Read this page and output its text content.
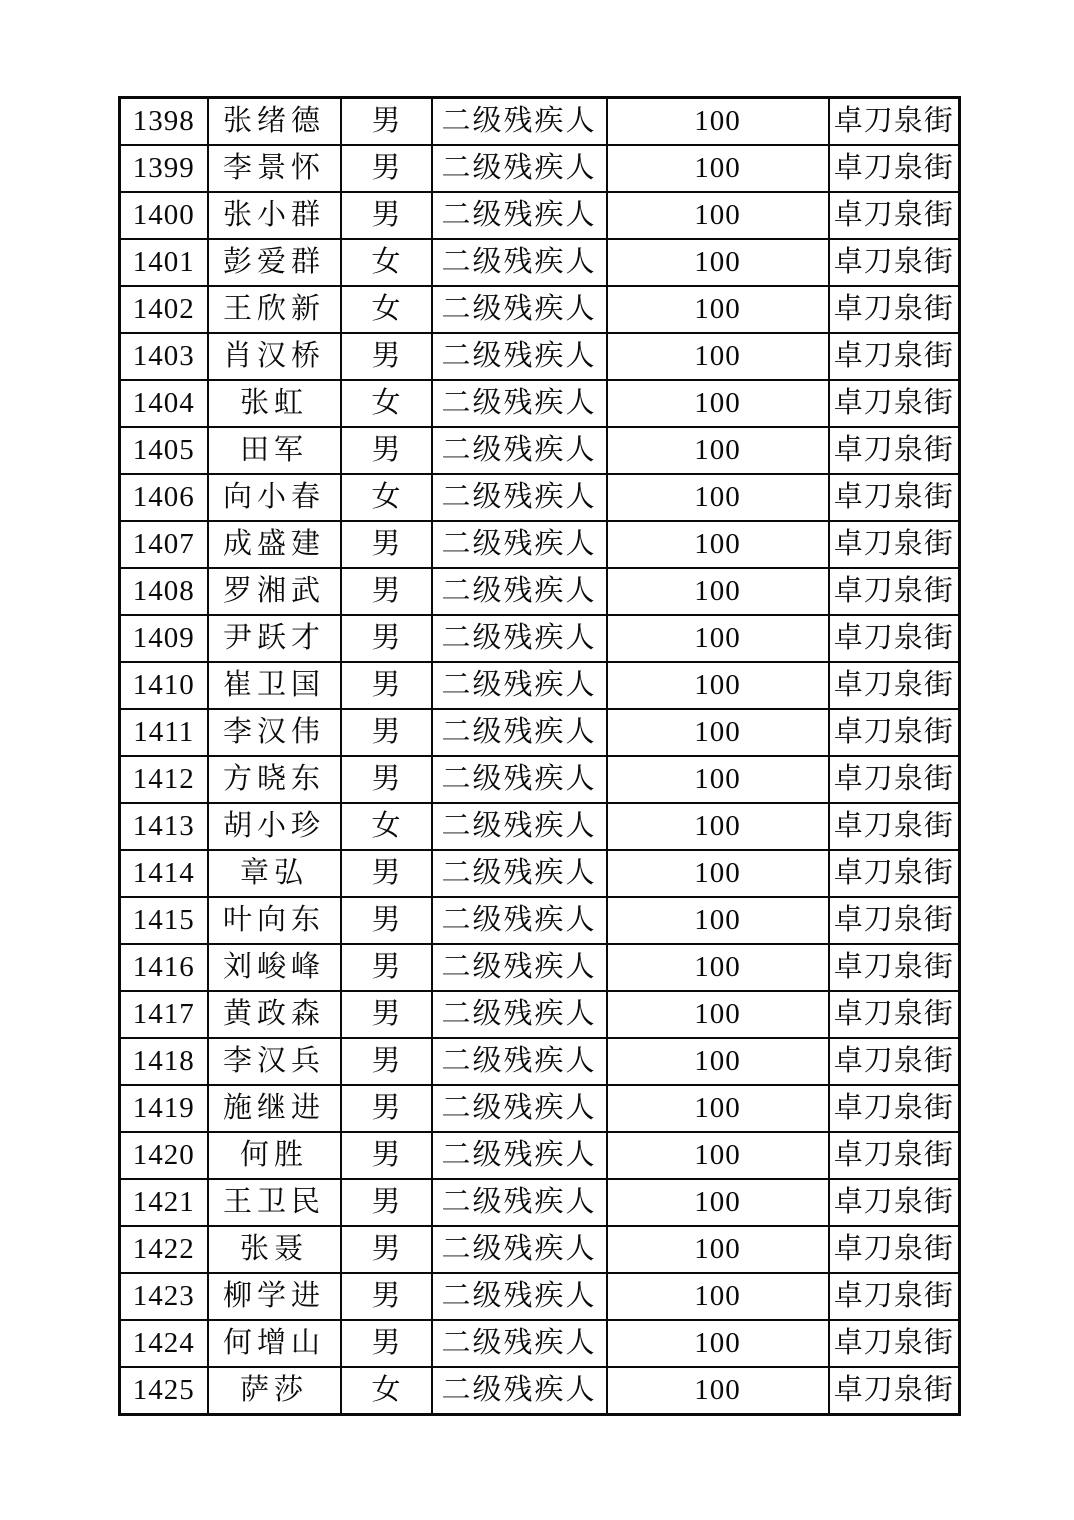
1398	张绪德	男	二级残疾人	100	卓刀泉街
1399	李景怀	男	二级残疾人	100	卓刀泉街
1400	张小群	男	二级残疾人	100	卓刀泉街
1401	彭爱群	女	二级残疾人	100	卓刀泉街
1402	王欣新	女	二级残疾人	100	卓刀泉街
1403	肖汉桥	男	二级残疾人	100	卓刀泉街
1404	张虹	女	二级残疾人	100	卓刀泉街
1405	田军	男	二级残疾人	100	卓刀泉街
1406	向小春	女	二级残疾人	100	卓刀泉街
1407	成盛建	男	二级残疾人	100	卓刀泉街
1408	罗湘武	男	二级残疾人	100	卓刀泉街
1409	尹跃才	男	二级残疾人	100	卓刀泉街
1410	崔卫国	男	二级残疾人	100	卓刀泉街
1411	李汉伟	男	二级残疾人	100	卓刀泉街
1412	方晓东	男	二级残疾人	100	卓刀泉街
1413	胡小珍	女	二级残疾人	100	卓刀泉街
1414	章弘	男	二级残疾人	100	卓刀泉街
1415	叶向东	男	二级残疾人	100	卓刀泉街
1416	刘峻峰	男	二级残疾人	100	卓刀泉街
1417	黄政森	男	二级残疾人	100	卓刀泉街
1418	李汉兵	男	二级残疾人	100	卓刀泉街
1419	施继进	男	二级残疾人	100	卓刀泉街
1420	何胜	男	二级残疾人	100	卓刀泉街
1421	王卫民	男	二级残疾人	100	卓刀泉街
1422	张聂	男	二级残疾人	100	卓刀泉街
1423	柳学进	男	二级残疾人	100	卓刀泉街
1424	何增山	男	二级残疾人	100	卓刀泉街
1425	萨莎	女	二级残疾人	100	卓刀泉街
